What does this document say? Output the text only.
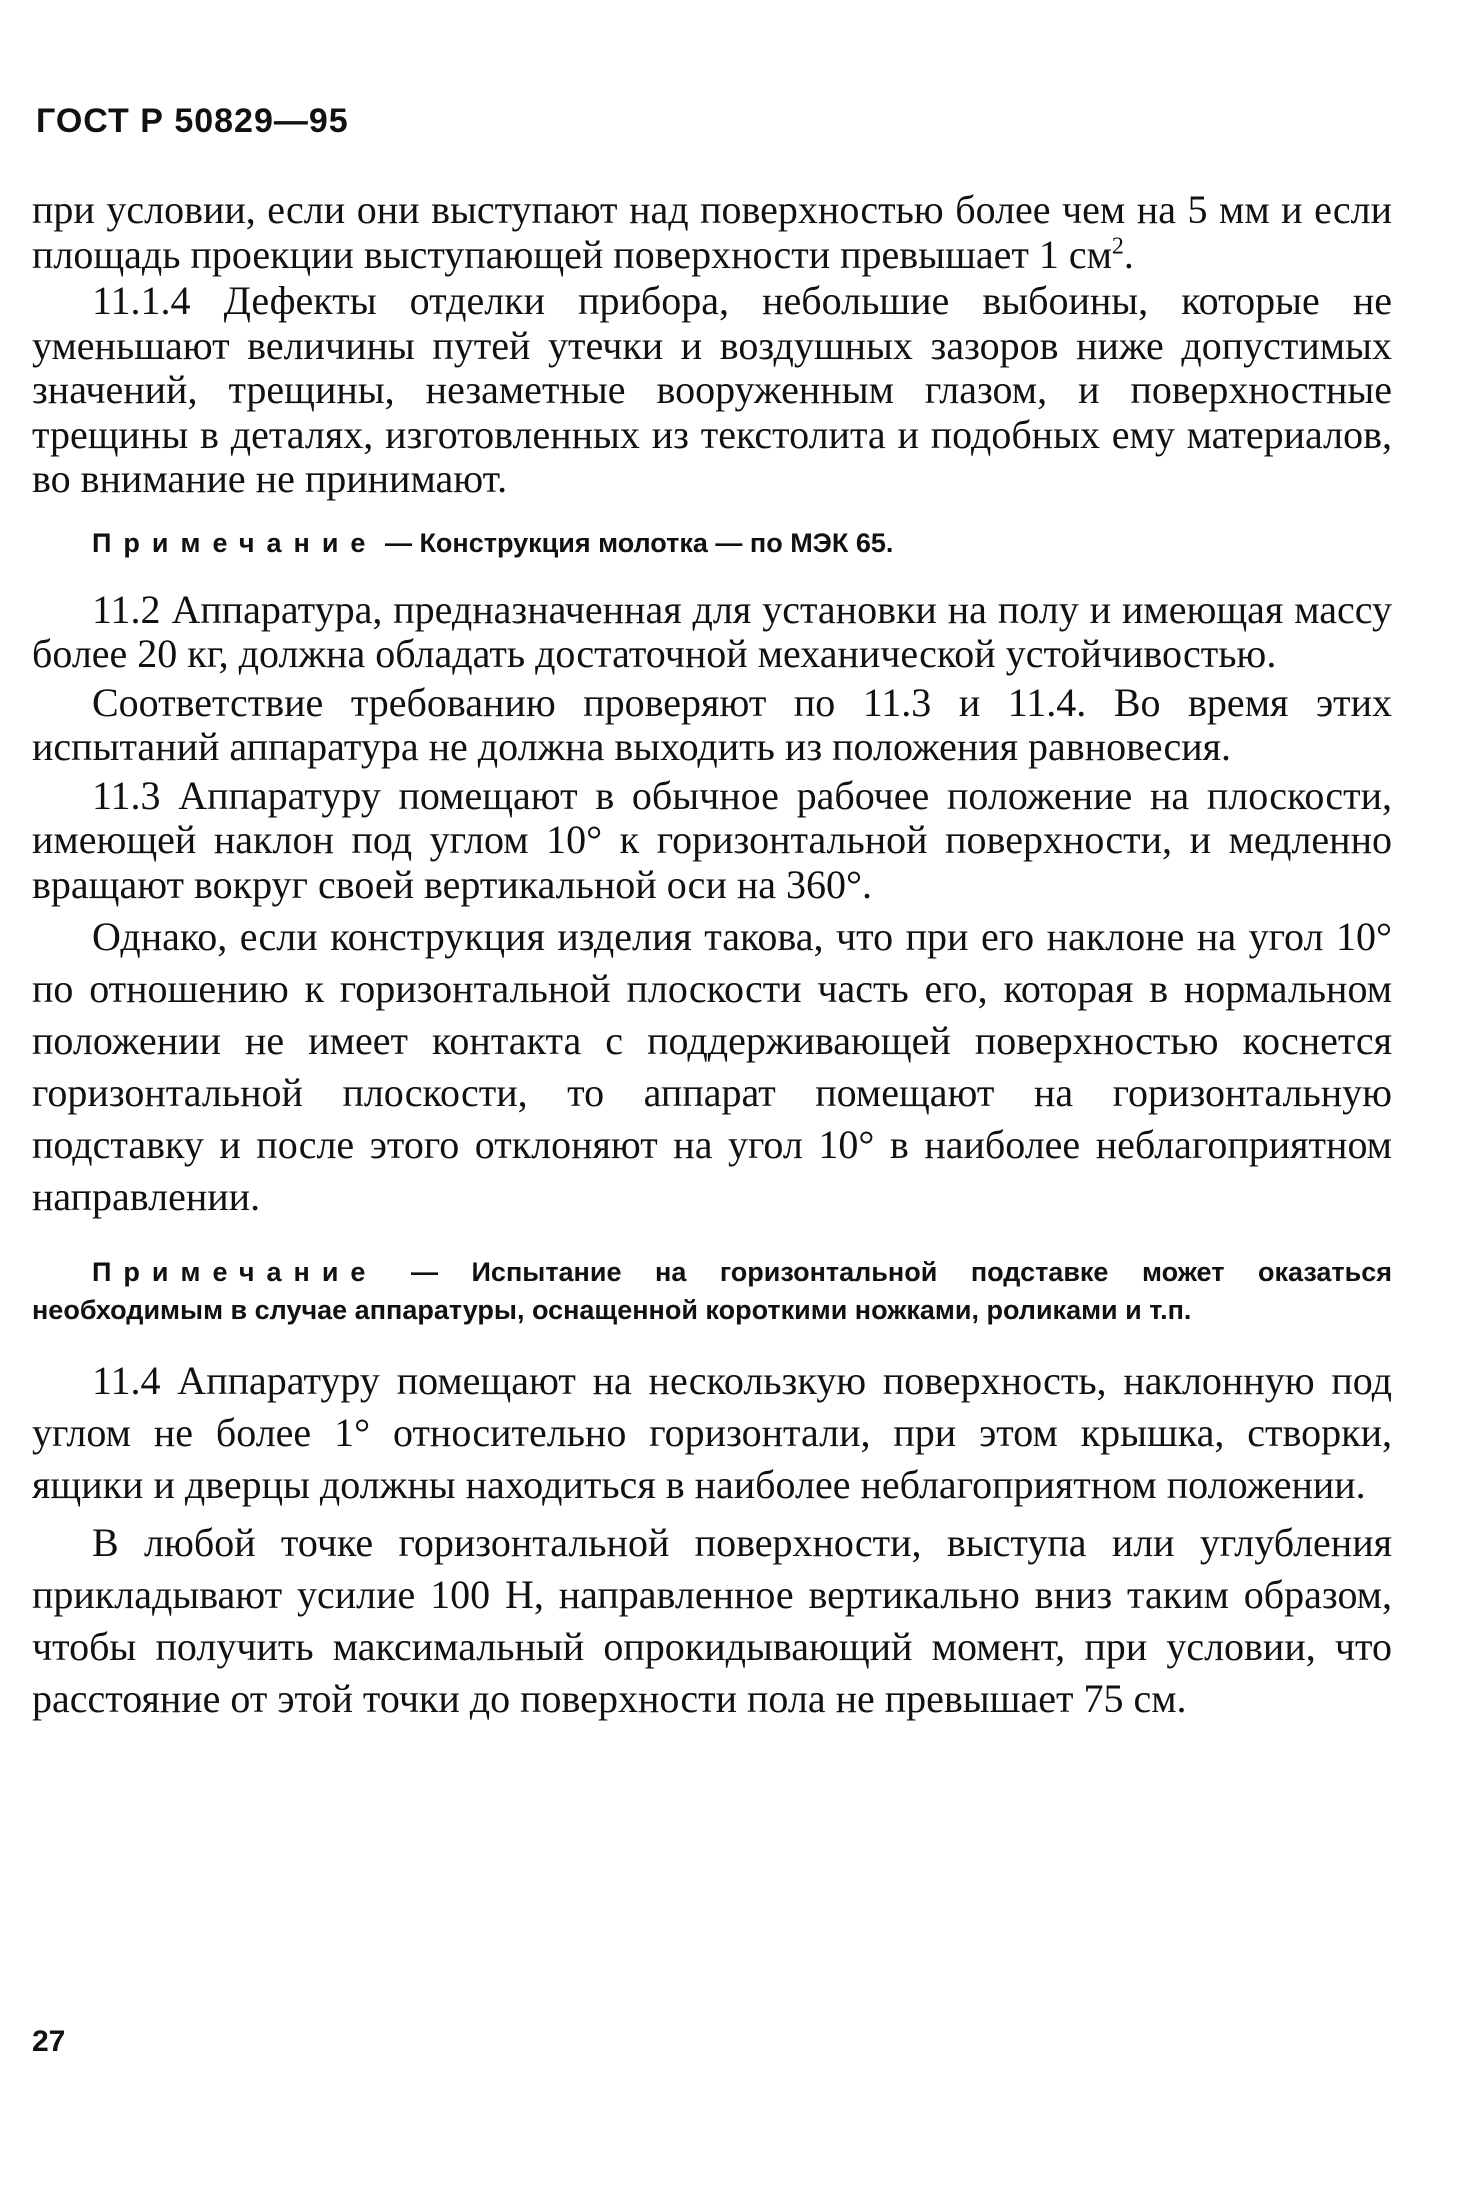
ГОСТ Р 50829—95

при условии, если они выступают над поверхностью более чем на 5 мм и если площадь проекции выступающей поверхности превышает 1 $см^2$.

11.1.4 Дефекты отделки прибора, небольшие выбоины, которые не уменьшают величины путей утечки и воздушных зазоров ниже допустимых значений, трещины, незаметные вооруженным глазом, и поверхностные трещины в деталях, изготовленных из текстолита и подобных ему материалов, во внимание не принимают.

Примечание — Конструкция молотка — по МЭК 65.

11.2 Аппаратура, предназначенная для установки на полу и имеющая массу более 20 кг, должна обладать достаточной механической устойчивостью.

Соответствие требованию проверяют по 11.3 и 11.4. Во время этих испытаний аппаратура не должна выходить из положения равновесия.

11.3 Аппаратуру помещают в обычное рабочее положение на плоскости, имеющей наклон под углом 10° к горизонтальной поверхности, и медленно вращают вокруг своей вертикальной оси на 360°.

Однако, если конструкция изделия такова, что при его наклоне на угол 10° по отношению к горизонтальной плоскости часть его, которая в нормальном положении не имеет контакта с поддерживающей поверхностью коснется горизонтальной плоскости, то аппарат помещают на горизонтальную подставку и после этого отклоняют на угол 10° в наиболее неблагоприятном направлении.

Примечание — Испытание на горизонтальной подставке может оказаться необходимым в случае аппаратуры, оснащенной короткими ножками, роликами и т.п.

11.4 Аппаратуру помещают на нескользкую поверхность, наклонную под углом не более 1° относительно горизонтали, при этом крышка, створки, ящики и дверцы должны находиться в наиболее неблагоприятном положении.

В любой точке горизонтальной поверхности, выступа или углубления прикладывают усилие 100 Н, направленное вертикально вниз таким образом, чтобы получить максимальный опрокидывающий момент, при условии, что расстояние от этой точки до поверхности пола не превышает 75 см.

27
